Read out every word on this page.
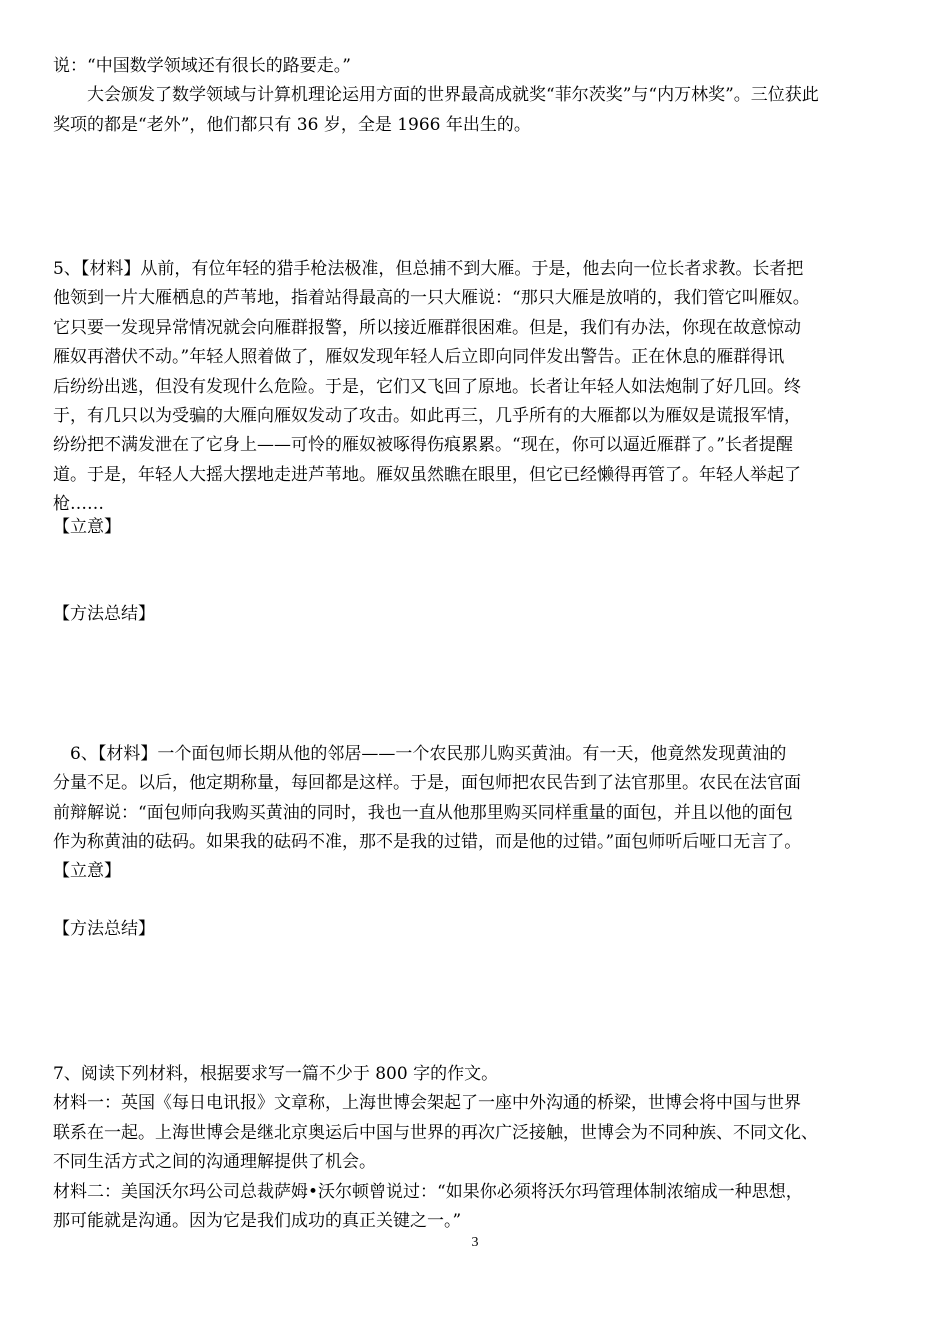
说：“中国数学领域还有很长的路要走。”
　　大会颁发了数学领域与计算机理论运用方面的世界最高成就奖“菲尔茨奖”与“内万林奖”。三位获此
奖项的都是“老外”，他们都只有 36 岁，全是 1966 年出生的。
5、【材料】从前，有位年轻的猎手枪法极准，但总捕不到大雁。于是，他去向一位长者求教。长者把
他领到一片大雁栖息的芦苇地，指着站得最高的一只大雁说：“那只大雁是放哨的，我们管它叫雁奴。
它只要一发现异常情况就会向雁群报警，所以接近雁群很困难。但是，我们有办法，你现在故意惊动
雁奴再潜伏不动。”年轻人照着做了，雁奴发现年轻人后立即向同伴发出警告。正在休息的雁群得讯
后纷纷出逃，但没有发现什么危险。于是，它们又飞回了原地。长者让年轻人如法炮制了好几回。终
于，有几只以为受骗的大雁向雁奴发动了攻击。如此再三，几乎所有的大雁都以为雁奴是谎报军情，
纷纷把不满发泄在了它身上——可怜的雁奴被啄得伤痕累累。“现在，你可以逼近雁群了。”长者提醒
道。于是，年轻人大摇大摆地走进芦苇地。雁奴虽然瞧在眼里，但它已经懒得再管了。年轻人举起了
枪……
【立意】
【方法总结】
　6、【材料】一个面包师长期从他的邻居——一个农民那儿购买黄油。有一天，他竟然发现黄油的
分量不足。以后，他定期称量，每回都是这样。于是，面包师把农民告到了法官那里。农民在法官面
前辩解说：“面包师向我购买黄油的同时，我也一直从他那里购买同样重量的面包，并且以他的面包
作为称黄油的砝码。如果我的砝码不准，那不是我的过错，而是他的过错。”面包师听后哑口无言了。
【立意】
【方法总结】
7、阅读下列材料，根据要求写一篇不少于 800 字的作文。
材料一：英国《每日电讯报》文章称，上海世博会架起了一座中外沟通的桥梁，世博会将中国与世界
联系在一起。上海世博会是继北京奥运后中国与世界的再次广泛接触，世博会为不同种族、不同文化、
不同生活方式之间的沟通理解提供了机会。
材料二：美国沃尔玛公司总裁萨姆•沃尔顿曾说过：“如果你必须将沃尔玛管理体制浓缩成一种思想，
那可能就是沟通。因为它是我们成功的真正关键之一。”
3
